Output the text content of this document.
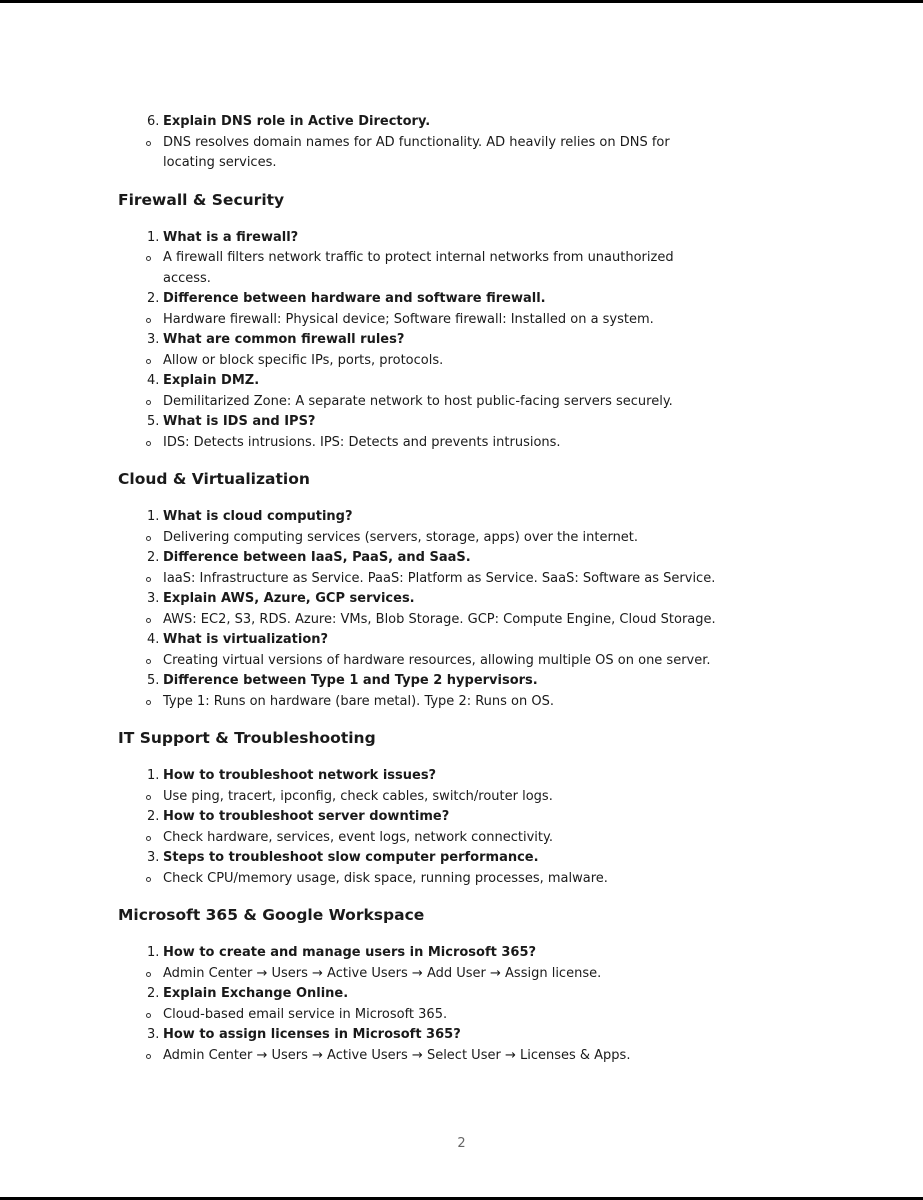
6. Explain DNS role in Active Directory.

DNS resolves domain names for AD functionality. AD heavily relies on DNS for locating services.
Firewall & Security
1. What is a firewall?

A firewall filters network traffic to protect internal networks from unauthorized access.
2. Difference between hardware and software firewall.

Hardware firewall: Physical device; Software firewall: Installed on a system.
3. What are common firewall rules?

Allow or block specific IPs, ports, protocols.
4. Explain DMZ.

Demilitarized Zone: A separate network to host public-facing servers securely.
5. What is IDS and IPS?

IDS: Detects intrusions. IPS: Detects and prevents intrusions.
Cloud & Virtualization
1. What is cloud computing?

Delivering computing services (servers, storage, apps) over the internet.
2. Difference between IaaS, PaaS, and SaaS.

IaaS: Infrastructure as Service. PaaS: Platform as Service. SaaS: Software as Service.
3. Explain AWS, Azure, GCP services.

AWS: EC2, S3, RDS. Azure: VMs, Blob Storage. GCP: Compute Engine, Cloud Storage.
4. What is virtualization?

Creating virtual versions of hardware resources, allowing multiple OS on one server.
5. Difference between Type 1 and Type 2 hypervisors.

Type 1: Runs on hardware (bare metal). Type 2: Runs on OS.
IT Support & Troubleshooting
1. How to troubleshoot network issues?

Use ping, tracert, ipconfig, check cables, switch/router logs.
2. How to troubleshoot server downtime?

Check hardware, services, event logs, network connectivity.
3. Steps to troubleshoot slow computer performance.

Check CPU/memory usage, disk space, running processes, malware.
Microsoft 365 & Google Workspace
1. How to create and manage users in Microsoft 365?

Admin Center → Users → Active Users → Add User → Assign license.
2. Explain Exchange Online.

Cloud-based email service in Microsoft 365.
3. How to assign licenses in Microsoft 365?

Admin Center → Users → Active Users → Select User → Licenses & Apps.
2
